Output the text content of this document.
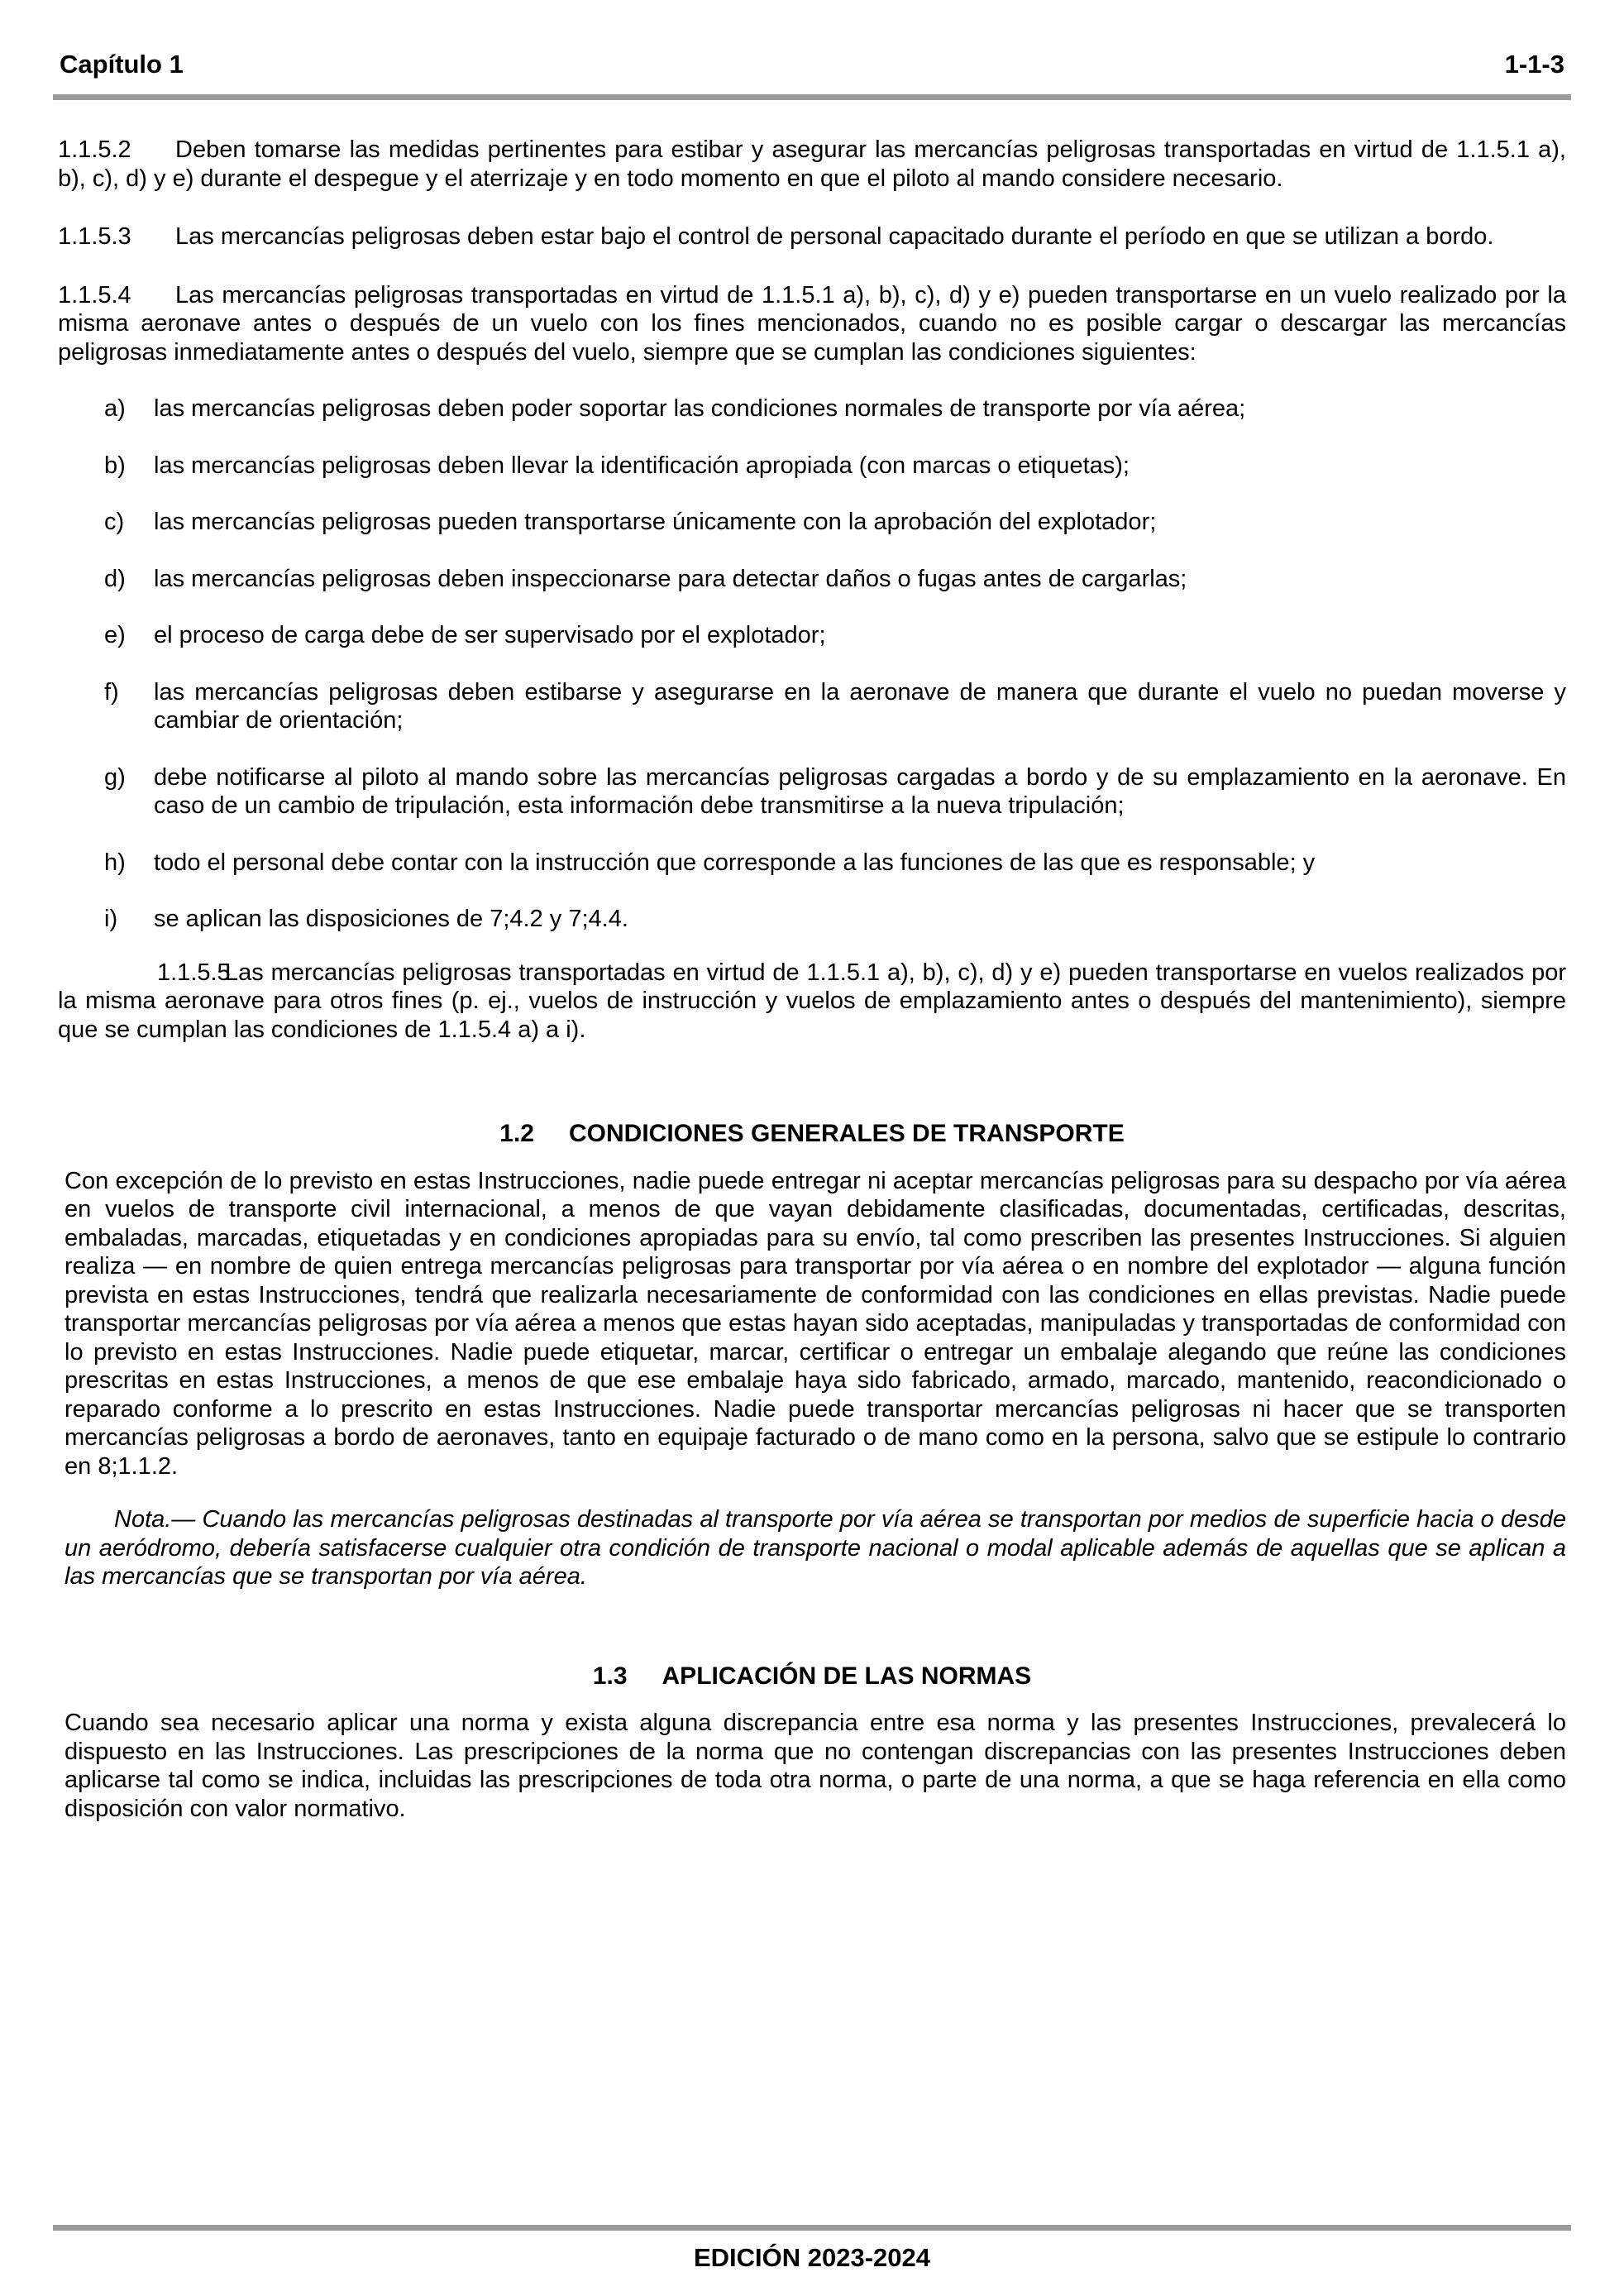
Capítulo 1	1-1-3

1.1.5.2 Deben tomarse las medidas pertinentes para estibar y asegurar las mercancías peligrosas transportadas en virtud de 1.1.5.1 a), b), c), d) y e) durante el despegue y el aterrizaje y en todo momento en que el piloto al mando considere necesario.

1.1.5.3 Las mercancías peligrosas deben estar bajo el control de personal capacitado durante el período en que se utilizan a bordo.

1.1.5.4 Las mercancías peligrosas transportadas en virtud de 1.1.5.1 a), b), c), d) y e) pueden transportarse en un vuelo realizado por la misma aeronave antes o después de un vuelo con los fines mencionados, cuando no es posible cargar o descargar las mercancías peligrosas inmediatamente antes o después del vuelo, siempre que se cumplan las condiciones siguientes:

a) las mercancías peligrosas deben poder soportar las condiciones normales de transporte por vía aérea;
b) las mercancías peligrosas deben llevar la identificación apropiada (con marcas o etiquetas);
c) las mercancías peligrosas pueden transportarse únicamente con la aprobación del explotador;
d) las mercancías peligrosas deben inspeccionarse para detectar daños o fugas antes de cargarlas;
e) el proceso de carga debe de ser supervisado por el explotador;
f) las mercancías peligrosas deben estibarse y asegurarse en la aeronave de manera que durante el vuelo no puedan moverse y cambiar de orientación;
g) debe notificarse al piloto al mando sobre las mercancías peligrosas cargadas a bordo y de su emplazamiento en la aeronave. En caso de un cambio de tripulación, esta información debe transmitirse a la nueva tripulación;
h) todo el personal debe contar con la instrucción que corresponde a las funciones de las que es responsable; y
i) se aplican las disposiciones de 7;4.2 y 7;4.4.

1.1.5.5Las mercancías peligrosas transportadas en virtud de 1.1.5.1 a), b), c), d) y e) pueden transportarse en vuelos realizados por la misma aeronave para otros fines (p. ej., vuelos de instrucción y vuelos de emplazamiento antes o después del mantenimiento), siempre que se cumplan las condiciones de 1.1.5.4 a) a i).

1.2 CONDICIONES GENERALES DE TRANSPORTE

Con excepción de lo previsto en estas Instrucciones, nadie puede entregar ni aceptar mercancías peligrosas para su despacho por vía aérea en vuelos de transporte civil internacional, a menos de que vayan debidamente clasificadas, documentadas, certificadas, descritas, embaladas, marcadas, etiquetadas y en condiciones apropiadas para su envío, tal como prescriben las presentes Instrucciones. Si alguien realiza — en nombre de quien entrega mercancías peligrosas para transportar por vía aérea o en nombre del explotador — alguna función prevista en estas Instrucciones, tendrá que realizarla necesariamente de conformidad con las condiciones en ellas previstas. Nadie puede transportar mercancías peligrosas por vía aérea a menos que estas hayan sido aceptadas, manipuladas y transportadas de conformidad con lo previsto en estas Instrucciones. Nadie puede etiquetar, marcar, certificar o entregar un embalaje alegando que reúne las condiciones prescritas en estas Instrucciones, a menos de que ese embalaje haya sido fabricado, armado, marcado, mantenido, reacondicionado o reparado conforme a lo prescrito en estas Instrucciones. Nadie puede transportar mercancías peligrosas ni hacer que se transporten mercancías peligrosas a bordo de aeronaves, tanto en equipaje facturado o de mano como en la persona, salvo que se estipule lo contrario en 8;1.1.2.

Nota.— Cuando las mercancías peligrosas destinadas al transporte por vía aérea se transportan por medios de superficie hacia o desde un aeródromo, debería satisfacerse cualquier otra condición de transporte nacional o modal aplicable además de aquellas que se aplican a las mercancías que se transportan por vía aérea.

1.3 APLICACIÓN DE LAS NORMAS

Cuando sea necesario aplicar una norma y exista alguna discrepancia entre esa norma y las presentes Instrucciones, prevalecerá lo dispuesto en las Instrucciones. Las prescripciones de la norma que no contengan discrepancias con las presentes Instrucciones deben aplicarse tal como se indica, incluidas las prescripciones de toda otra norma, o parte de una norma, a que se haga referencia en ella como disposición con valor normativo.

EDICIÓN 2023-2024
